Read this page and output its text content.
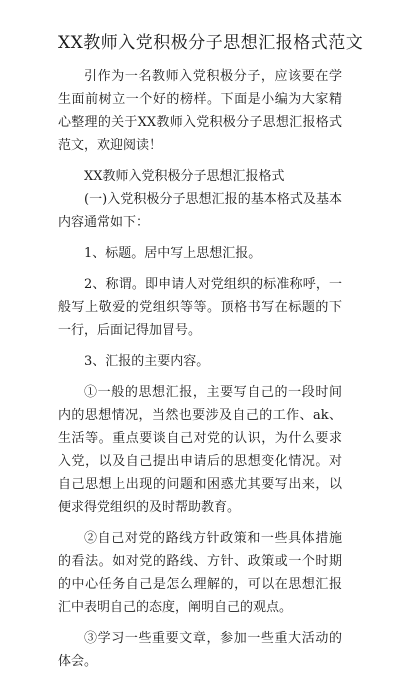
XX教师入党积极分子思想汇报格式范文

引作为一名教师入党积极分子，应该要在学生面前树立一个好的榜样。下面是小编为大家精心整理的关于XX教师入党积极分子思想汇报格式范文，欢迎阅读！

XX教师入党积极分子思想汇报格式

(一)入党积极分子思想汇报的基本格式及基本内容通常如下：

1、标题。居中写上思想汇报。

2、称谓。即申请人对党组织的标准称呼，一般写上敬爱的党组织等等。顶格书写在标题的下一行，后面记得加冒号。

3、汇报的主要内容。

①一般的思想汇报，主要写自己的一段时间内的思想情况，当然也要涉及自己的工作、ak、生活等。重点要谈自己对党的认识，为什么要求入党，以及自己提出申请后的思想变化情况。对自己思想上出现的问题和困惑尤其要写出来，以便求得党组织的及时帮助教育。

②自己对党的路线方针政策和一些具体措施的看法。如对党的路线、方针、政策或一个时期的中心任务自己是怎么理解的，可以在思想汇报汇中表明自己的态度，阐明自己的观点。

③学习一些重要文章，参加一些重大活动的体会。
